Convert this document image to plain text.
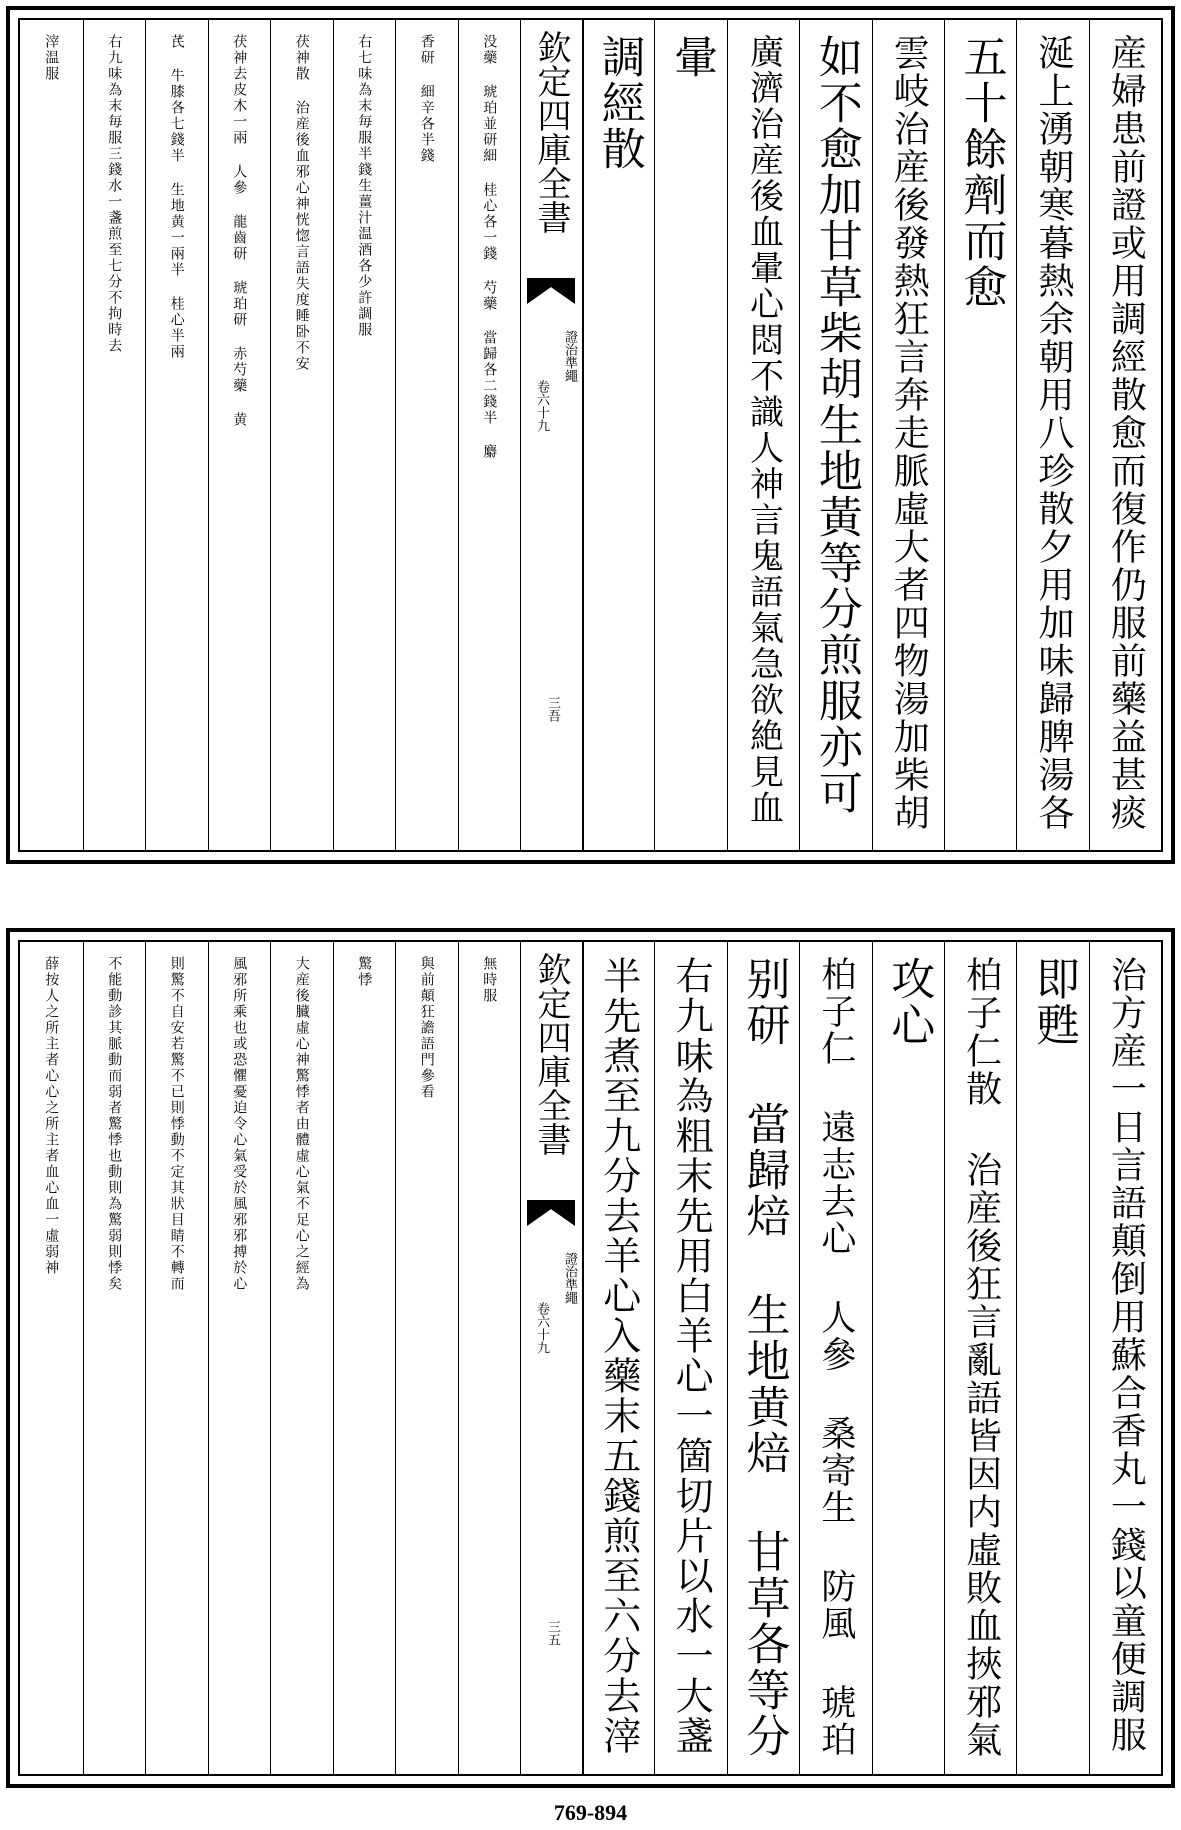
産婦患前證或用調經散愈而復作仍服前藥益甚痰
涎上湧朝寒暮熱余朝用八珍散夕用加味歸脾湯各
五十餘劑而愈
雲岐治産後發熱狂言奔走脈虛大者四物湯加柴胡
如不愈加甘草柴胡生地黃等分煎服亦可
廣濟治産後血暈心悶不識人神言鬼語氣急欲絶見血
暈
調經散
欽定四庫全書
證治準繩
卷六十九
三吾
没藥 琥珀並研細 桂心各一錢 芍藥 當歸各二錢半 麝
香研 細辛各半錢
右七味為末毎服半錢生薑汁温酒各少許調服
茯神散 治産後血邪心神恍惚言語失度睡卧不安
茯神去皮木一兩 人參 龍齒研 琥珀研 赤芍藥 黄
芪 牛膝各七錢半 生地黄一兩半 桂心半兩
右九味為末毎服三錢水一盞煎至七分不拘時去
滓温服
治方産一日言語顛倒用蘇合香丸一錢以童便調服
即甦
柏子仁散 治産後狂言亂語皆因内虛敗血挾邪氣
攻心
柏子仁 遠志去心 人參 桑寄生 防風 琥珀
别研 當歸焙 生地黄焙 甘草各等分
右九味為粗末先用白羊心一箇切片以水一大盞
半先煮至九分去羊心入藥末五錢煎至六分去滓
欽定四庫全書
證治準繩
卷六十九
三五
無時服
與前顛狂譫語門參看
驚悸
大産後臓虛心神驚悸者由體虛心氣不足心之經為
風邪所乘也或恐懼憂迫令心氣受於風邪邪搏於心
則驚不自安若驚不已則悸動不定其狀目睛不轉而
不能動診其脈動而弱者驚悸也動則為驚弱則悸矣
薛按人之所主者心心之所主者血心血一虛弱神
769-894
